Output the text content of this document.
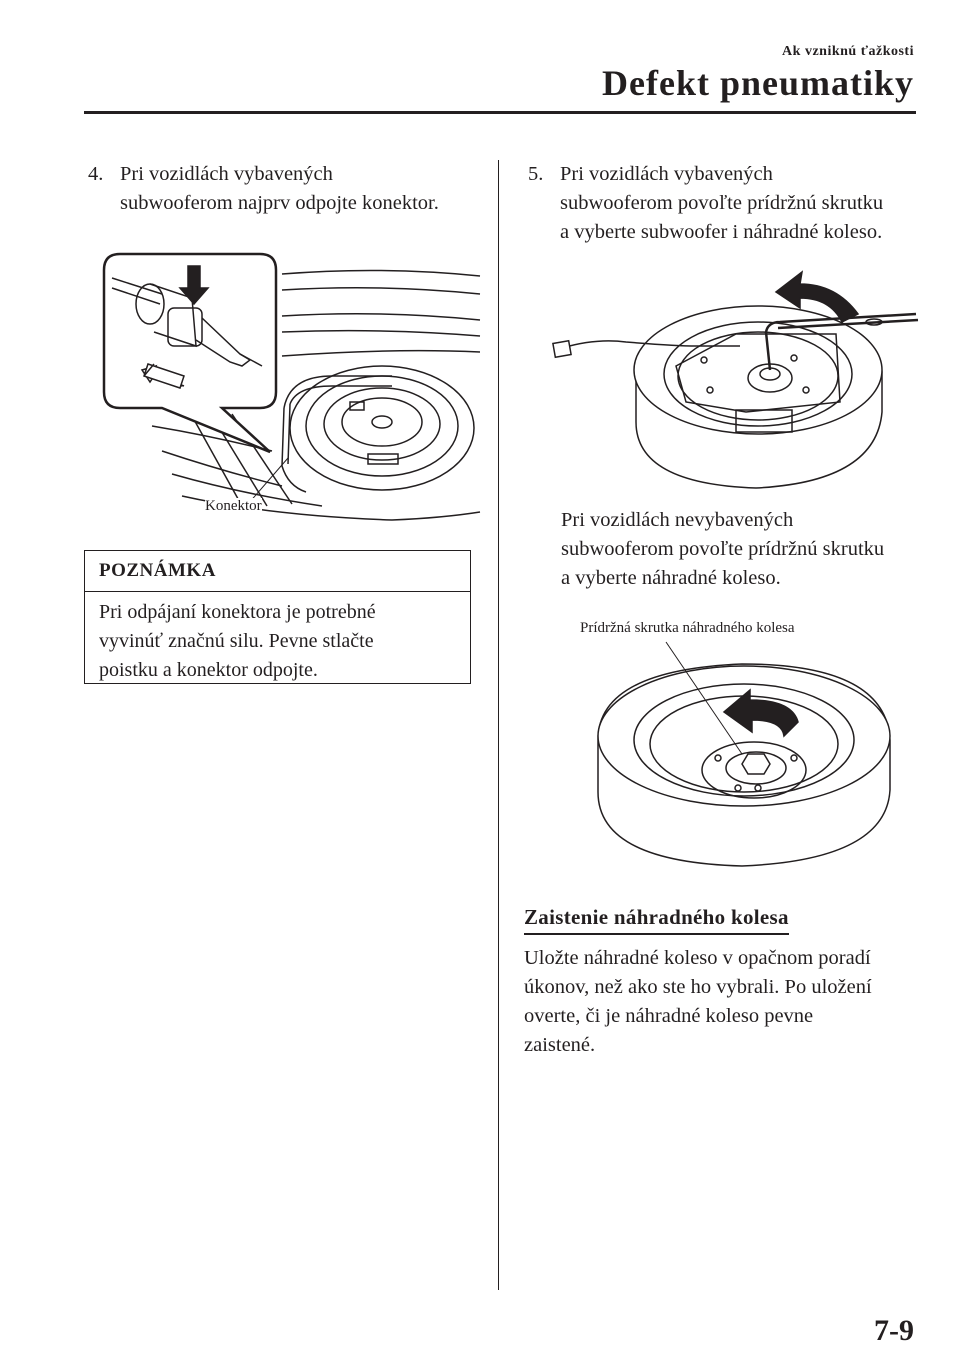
Ak vzniknú ťažkosti
Defekt pneumatiky
4. Pri vozidlách vybavených
subwooferom najprv odpojte konektor.
Konektor
POZNÁMKA
Pri odpájaní konektora je potrebné
vyvinúť značnú silu. Pevne stlačte
poistku a konektor odpojte.
5. Pri vozidlách vybavených
subwooferom povoľte prídržnú skrutku
a vyberte subwoofer i náhradné koleso.
Pri vozidlách nevybavených
subwooferom povoľte prídržnú skrutku
a vyberte náhradné koleso.
Prídržná skrutka náhradného kolesa
Zaistenie náhradného kolesa
Uložte náhradné koleso v opačnom poradí
úkonov, než ako ste ho vybrali. Po uložení
overte, či je náhradné koleso pevne
zaistené.
7-9
